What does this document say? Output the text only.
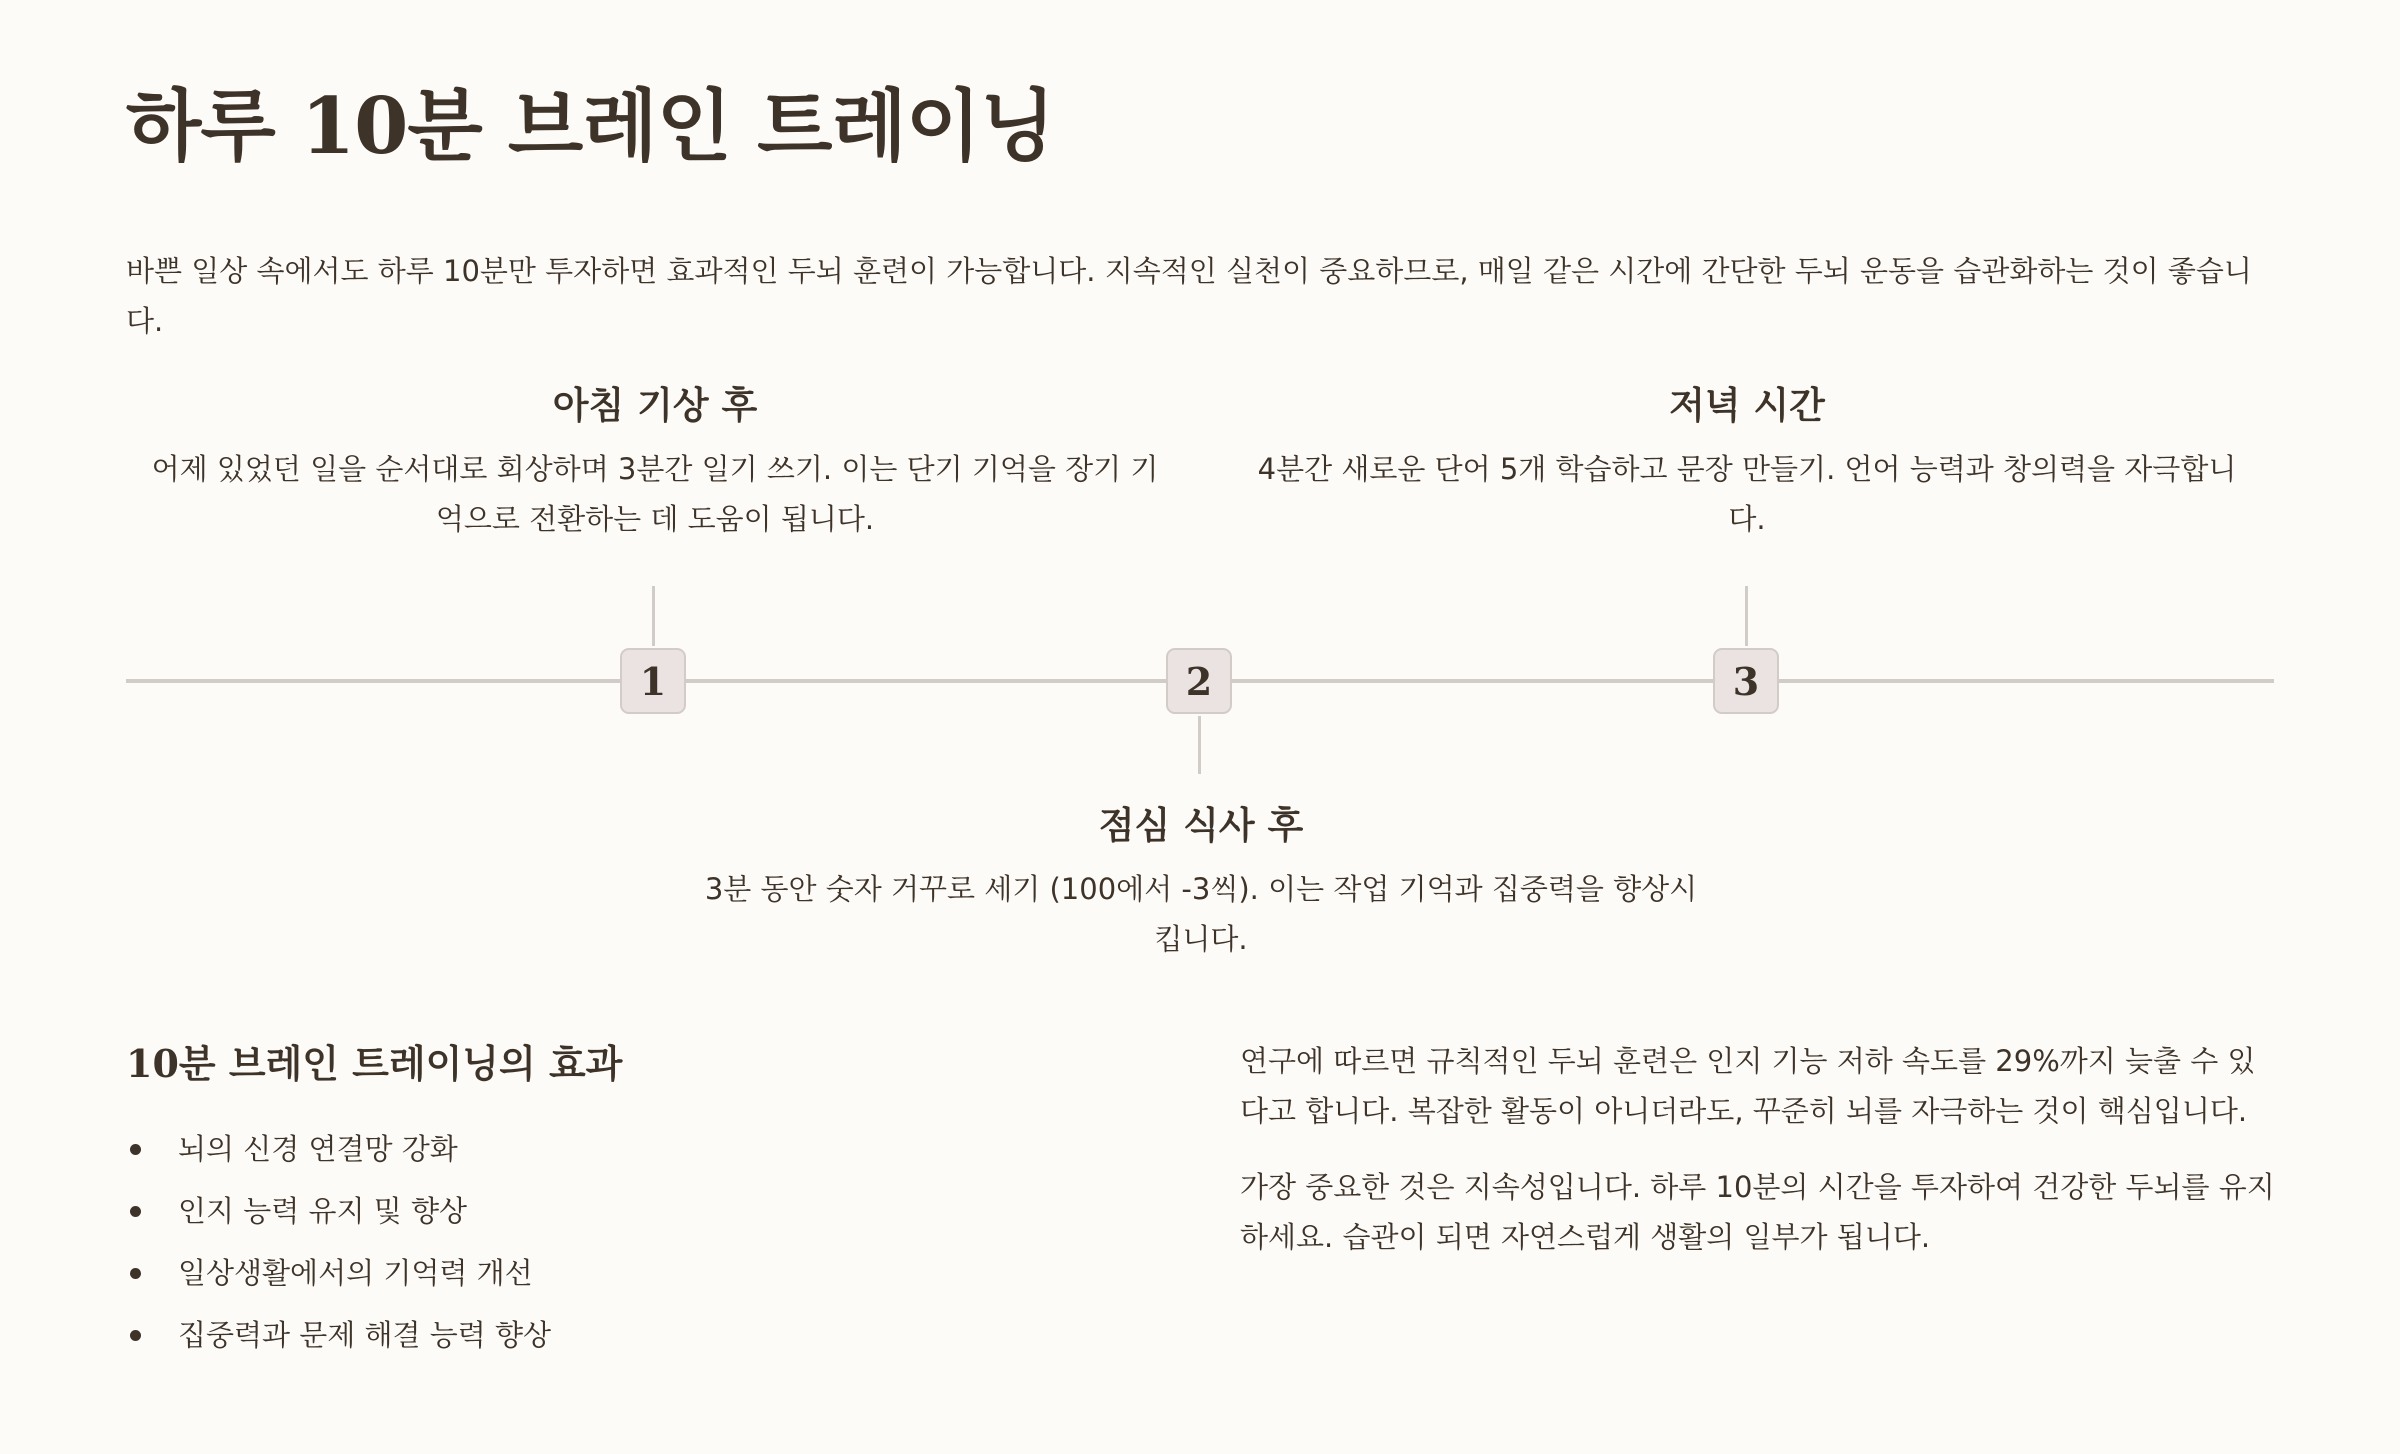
하루 10분 브레인 트레이닝

바쁜 일상 속에서도 하루 10분만 투자하면 효과적인 두뇌 훈련이 가능합니다. 지속적인 실천이 중요하므로, 매일 같은 시간에 간단한 두뇌 운동을 습관화하는 것이 좋습니다.

아침 기상 후

어제 있었던 일을 순서대로 회상하며 3분간 일기 쓰기. 이는 단기 기억을 장기 기억으로 전환하는 데 도움이 됩니다.

저녁 시간

4분간 새로운 단어 5개 학습하고 문장 만들기. 언어 능력과 창의력을 자극합니다.

1	2	3
점심 식사 후

3분 동안 숫자 거꾸로 세기 (100에서 -3씩). 이는 작업 기억과 집중력을 향상시킵니다.

10분 브레인 트레이닝의 효과
뇌의 신경 연결망 강화
인지 능력 유지 및 향상
일상생활에서의 기억력 개선
집중력과 문제 해결 능력 향상

연구에 따르면 규칙적인 두뇌 훈련은 인지 기능 저하 속도를 29%까지 늦출 수 있다고 합니다. 복잡한 활동이 아니더라도, 꾸준히 뇌를 자극하는 것이 핵심입니다.

가장 중요한 것은 지속성입니다. 하루 10분의 시간을 투자하여 건강한 두뇌를 유지하세요. 습관이 되면 자연스럽게 생활의 일부가 됩니다.
